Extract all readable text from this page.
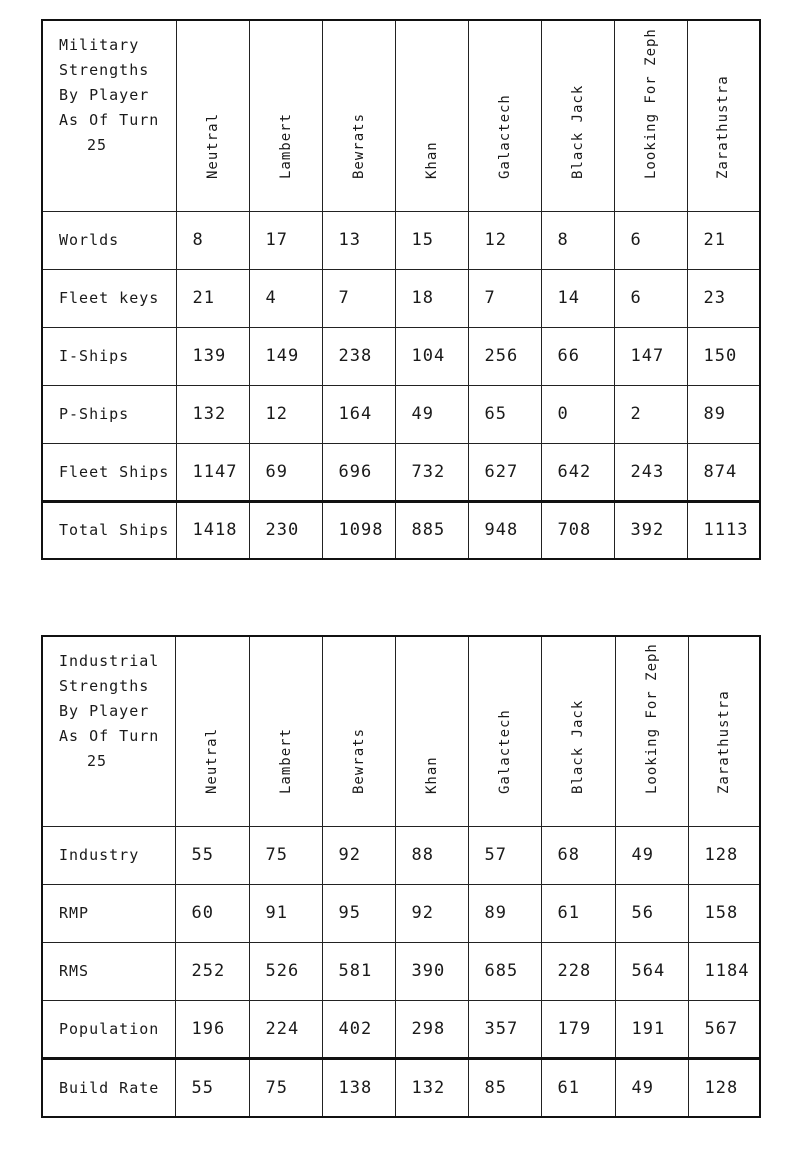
Military
Strengths
By Player
As Of Turn
25	Neutral	Lambert	Bewrats	Khan	Galactech	Black Jack	Looking For Zeph	Zarathustra

Worlds	8	17	13	15	12	8	6	21
Fleet keys	21	4	7	18	7	14	6	23
I-Ships	139	149	238	104	256	66	147	150
P-Ships	132	12	164	49	65	0	2	89
Fleet Ships	1147	69	696	732	627	642	243	874
Total Ships	1418	230	1098	885	948	708	392	1113
Industrial
Strengths
By Player
As Of Turn
25	Neutral	Lambert	Bewrats	Khan	Galactech	Black Jack	Looking For Zeph	Zarathustra

Industry	55	75	92	88	57	68	49	128
RMP	60	91	95	92	89	61	56	158
RMS	252	526	581	390	685	228	564	1184
Population	196	224	402	298	357	179	191	567
Build Rate	55	75	138	132	85	61	49	128
